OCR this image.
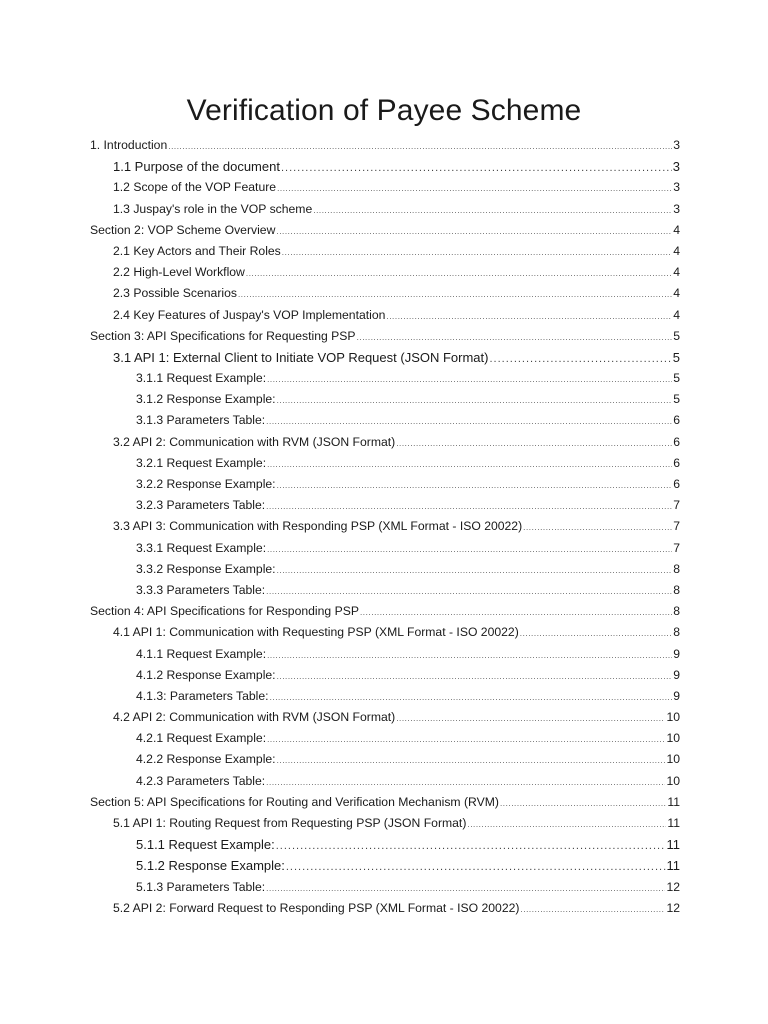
Verification of Payee Scheme
1. Introduction .....	3
1.1 Purpose of the document .....	3
1.2 Scope of the VOP Feature .....	3
1.3 Juspay's role in the VOP scheme .....	3
Section 2: VOP Scheme Overview .....	4
2.1 Key Actors and Their Roles .....	4
2.2 High-Level Workflow .....	4
2.3 Possible Scenarios .....	4
2.4 Key Features of Juspay's VOP Implementation .....	4
Section 3: API Specifications for Requesting PSP .....	5
3.1 API 1: External Client to Initiate VOP Request (JSON Format) .....	5
3.1.1 Request Example: .....	5
3.1.2 Response Example: .....	5
3.1.3 Parameters Table: .....	6
3.2 API 2: Communication with RVM (JSON Format) .....	6
3.2.1 Request Example: .....	6
3.2.2 Response Example: .....	6
3.2.3 Parameters Table: .....	7
3.3 API 3: Communication with Responding PSP (XML Format - ISO 20022) .....	7
3.3.1 Request Example: .....	7
3.3.2 Response Example: .....	8
3.3.3 Parameters Table: .....	8
Section 4: API Specifications for Responding PSP .....	8
4.1 API 1: Communication with Requesting PSP (XML Format - ISO 20022) .....	8
4.1.1 Request Example: .....	9
4.1.2 Response Example: .....	9
4.1.3: Parameters Table: .....	9
4.2 API 2: Communication with RVM (JSON Format) .....	10
4.2.1 Request Example: .....	10
4.2.2 Response Example: .....	10
4.2.3 Parameters Table: .....	10
Section 5: API Specifications for Routing and Verification Mechanism (RVM) .....	11
5.1 API 1: Routing Request from Requesting PSP (JSON Format) .....	11
5.1.1 Request Example: .....	11
5.1.2 Response Example: .....	11
5.1.3 Parameters Table: .....	12
5.2 API 2: Forward Request to Responding PSP (XML Format - ISO 20022) .....	12
